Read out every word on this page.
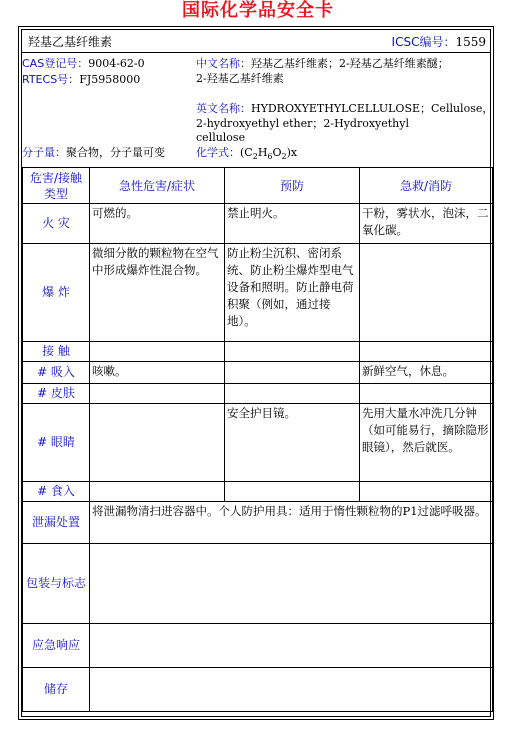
国际化学品安全卡
羟基乙基纤维素	ICSC编号：1559
CAS登记号：9004-62-0
RTECS号：FJ5958000
中文名称：羟基乙基纤维素；2-羟基乙基纤维素醚；
2-羟基乙基纤维素
英文名称：HYDROXYETHYLCELLULOSE；Cellulose，
2-hydroxyethyl ether；2-Hydroxyethyl
cellulose
分子量：聚合物，分子量可变	化学式：$(C_2H_6O_2)x$
危害/接触类型	急性危害/症状	预防	急救/消防
火 灾	可燃的。	禁止明火。	干粉，雾状水，泡沫，二氧化碳。
爆 炸	微细分散的颗粒物在空气中形成爆炸性混合物。	防止粉尘沉积、密闭系统、防止粉尘爆炸型电气设备和照明。防止静电荷积聚（例如，通过接地）。	
接 触			
# 吸入	咳嗽。		新鲜空气，休息。
# 皮肤			
# 眼睛		安全护目镜。	先用大量水冲洗几分钟（如可能易行，摘除隐形眼镜），然后就医。
# 食入			
泄漏处置	将泄漏物清扫进容器中。个人防护用具：适用于惰性颗粒物的P1过滤呼吸器。		
包装与标志			
应急响应			
储存			
